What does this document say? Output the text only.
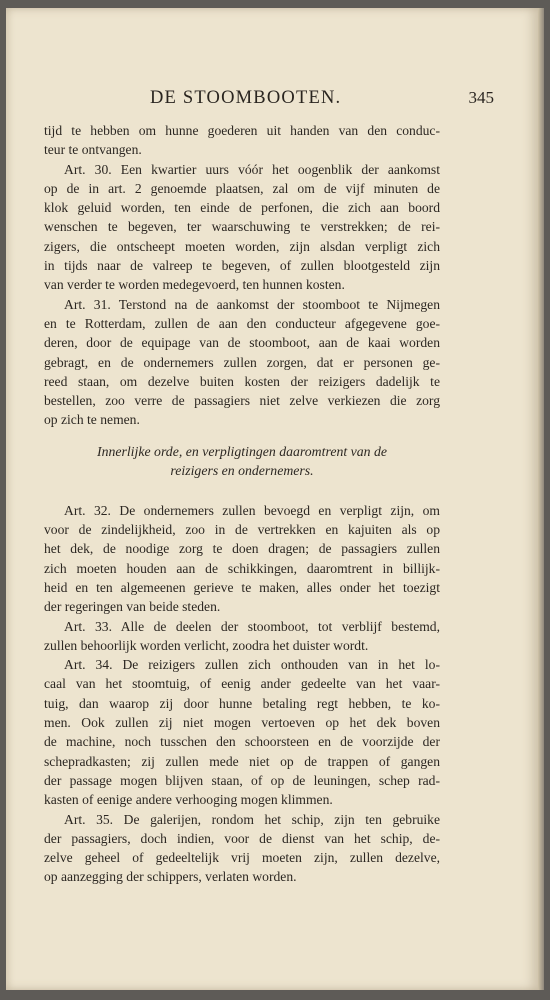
DE STOOMBOOTEN.	345
tijd te hebben om hunne goederen uit handen van den conduc-
teur te ontvangen.
Art. 30. Een kwartier uurs vóór het oogenblik der aankomst
op de in art. 2 genoemde plaatsen, zal om de vijf minuten de
klok geluid worden, ten einde de perfonen, die zich aan boord
wenschen te begeven, ter waarschuwing te verstrekken; de rei-
zigers, die ontscheept moeten worden, zijn alsdan verpligt zich
in tijds naar de valreep te begeven, of zullen blootgesteld zijn
van verder te worden medegevoerd, ten hunnen kosten.
Art. 31. Terstond na de aankomst der stoomboot te Nijmegen
en te Rotterdam, zullen de aan den conducteur afgegevene goe-
deren, door de equipage van de stoomboot, aan de kaai worden
gebragt, en de ondernemers zullen zorgen, dat er personen ge-
reed staan, om dezelve buiten kosten der reizigers dadelijk te
bestellen, zoo verre de passagiers niet zelve verkiezen die zorg
op zich te nemen.
Innerlijke orde, en verpligtingen daaromtrent van de
reizigers en ondernemers.
Art. 32. De ondernemers zullen bevoegd en verpligt zijn, om
voor de zindelijkheid, zoo in de vertrekken en kajuiten als op
het dek, de noodige zorg te doen dragen; de passagiers zullen
zich moeten houden aan de schikkingen, daaromtrent in billijk-
heid en ten algemeenen gerieve te maken, alles onder het toezigt
der regeringen van beide steden.
Art. 33. Alle de deelen der stoomboot, tot verblijf bestemd,
zullen behoorlijk worden verlicht, zoodra het duister wordt.
Art. 34. De reizigers zullen zich onthouden van in het lo-
caal van het stoomtuig, of eenig ander gedeelte van het vaar-
tuig, dan waarop zij door hunne betaling regt hebben, te ko-
men. Ook zullen zij niet mogen vertoeven op het dek boven
de machine, noch tusschen den schoorsteen en de voorzijde der
schepradkasten; zij zullen mede niet op de trappen of gangen
der passage mogen blijven staan, of op de leuningen, schep rad-
kasten of eenige andere verhooging mogen klimmen.
Art. 35. De galerijen, rondom het schip, zijn ten gebruike
der passagiers, doch indien, voor de dienst van het schip, de-
zelve geheel of gedeeltelijk vrij moeten zijn, zullen dezelve,
op aanzegging der schippers, verlaten worden.
